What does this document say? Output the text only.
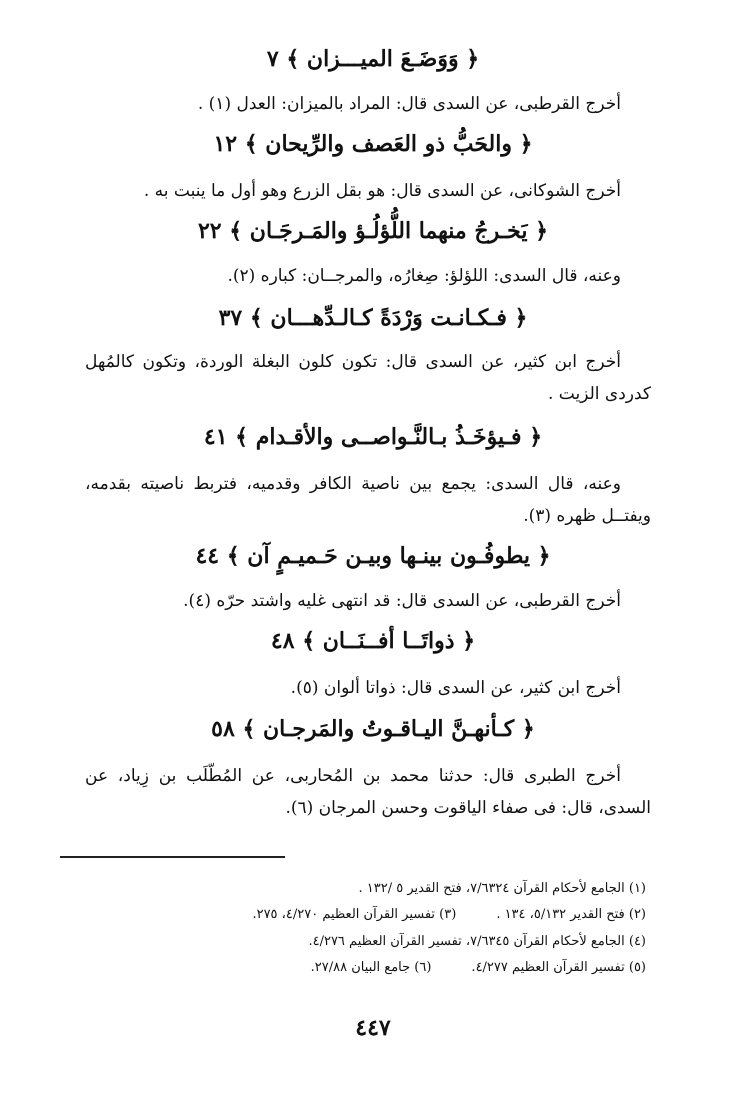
﴿ وَوَضَـعَ الميـــزان ﴾ ٧
أخرج القرطبى، عن السدى قال: المراد بالميزان: العدل (١) .
﴿ والحَبُّ ذو العَصف والرِّيحان ﴾ ١٢
أخرج الشوكانى، عن السدى قال: هو بقل الزرع وهو أول ما ينبت به .
﴿ يَخـرجُ منهما اللُّؤلُـؤ والمَـرجَـان ﴾ ٢٢
وعنه، قال السدى: اللؤلؤ: صِغارُه، والمرجــان: كباره (٢).
﴿ فـكـانـت وَرْدَةً كـالـدِّهـــان ﴾ ٣٧
أخرج ابن كثير، عن السدى قال: تكون كلون البغلة الوردة، وتكون كالمُهل كدردى الزيت .
﴿ فـيؤخَـذُ بـالنَّـواصــى والأقـدام ﴾ ٤١
وعنه، قال السدى: يجمع بين ناصية الكافر وقدميه، فتربط ناصيته بقدمه، ويفتــل ظهره (٣).
﴿ يطوفُـون بينـها وبيـن حَـميـمٍ آن ﴾ ٤٤
أخرج القرطبى، عن السدى قال: قد انتهى غليه واشتد حرّه (٤).
﴿ ذواتَــا أفــنَــان ﴾ ٤٨
أخرج ابن كثير، عن السدى قال: ذواتا ألوان (٥).
﴿ كـأنهـنَّ اليـاقـوتُ والمَرجـان ﴾ ٥٨
أخرج الطبرى قال: حدثنا محمد بن المُحاربى، عن المُطّلَب بن زِياد، عن السدى، قال: فى صفاء الياقوت وحسن المرجان (٦).
(١) الجامع لأحكام القرآن ٧/٦٣٢٤، فتح القدير ٥ /١٣٢ .
(٢) فتح القدير ٥/١٣٢، ١٣٤ .
(٣) تفسير القرآن العظيم ٤/٢٧٠، ٢٧٥.
(٤) الجامع لأحكام القرآن ٧/٦٣٤٥، تفسير القرآن العظيم ٤/٢٧٦.
(٥) تفسير القرآن العظيم ٤/٢٧٧.
(٦) جامع البيان ٢٧/٨٨.
٤٤٧
